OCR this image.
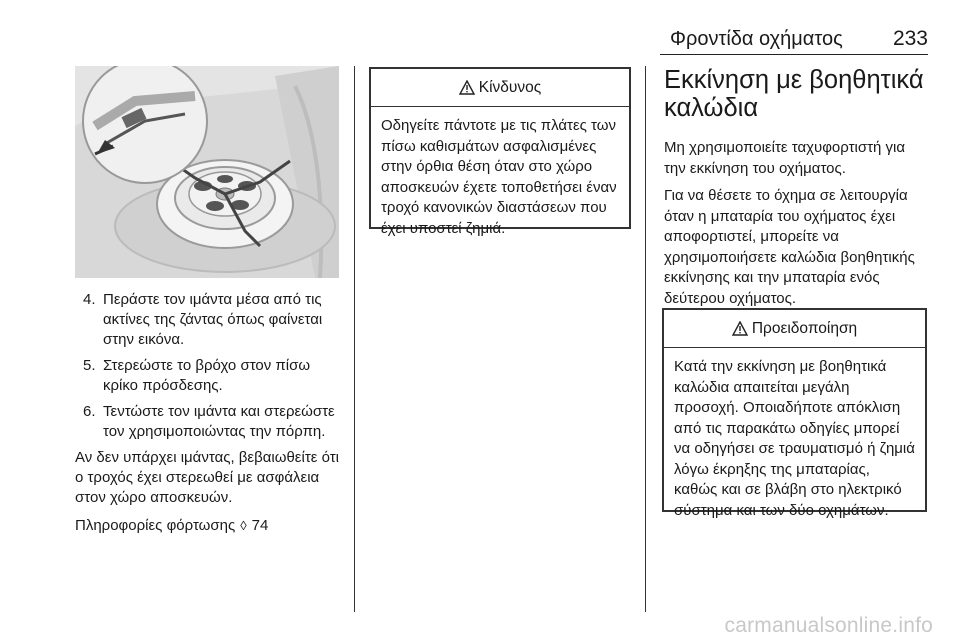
Φροντίδα οχήματος 233
4. Περάστε τον ιμάντα μέσα από τις ακτίνες της ζάντας όπως φαίνεται στην εικόνα.
5. Στερεώστε το βρόχο στον πίσω κρίκο πρόσδεσης.
6. Τεντώστε τον ιμάντα και στερεώστε τον χρησιμοποιώντας την πόρπη.

Αν δεν υπάρχει ιμάντας, βεβαιωθείτε ότι ο τροχός έχει στερεωθεί με ασφάλεια στον χώρο αποσκευών.

Πληροφορίες φόρτωσης ◊ 74

Κίνδυνος
Οδηγείτε πάντοτε με τις πλάτες των πίσω καθισμάτων ασφαλισμένες στην όρθια θέση όταν στο χώρο αποσκευών έχετε τοποθετήσει έναν τροχό κανονικών διαστάσεων που έχει υποστεί ζημιά.
Εκκίνηση με βοηθητικά καλώδια

Μη χρησιμοποιείτε ταχυφορτιστή για την εκκίνηση του οχήματος.

Για να θέσετε το όχημα σε λειτουργία όταν η μπαταρία του οχήματος έχει αποφορτιστεί, μπορείτε να χρησιμοποιήσετε καλώδια βοηθητικής εκκίνησης και την μπαταρία ενός δεύτερου οχήματος.

Προειδοποίηση
Κατά την εκκίνηση με βοηθητικά καλώδια απαιτείται μεγάλη προσοχή. Οποιαδήποτε απόκλιση από τις παρακάτω οδηγίες μπορεί να οδηγήσει σε τραυματισμό ή ζημιά λόγω έκρηξης της μπαταρίας, καθώς και σε βλάβη στο ηλεκτρικό σύστημα και των δύο οχημάτων.
carmanualsonline.info
